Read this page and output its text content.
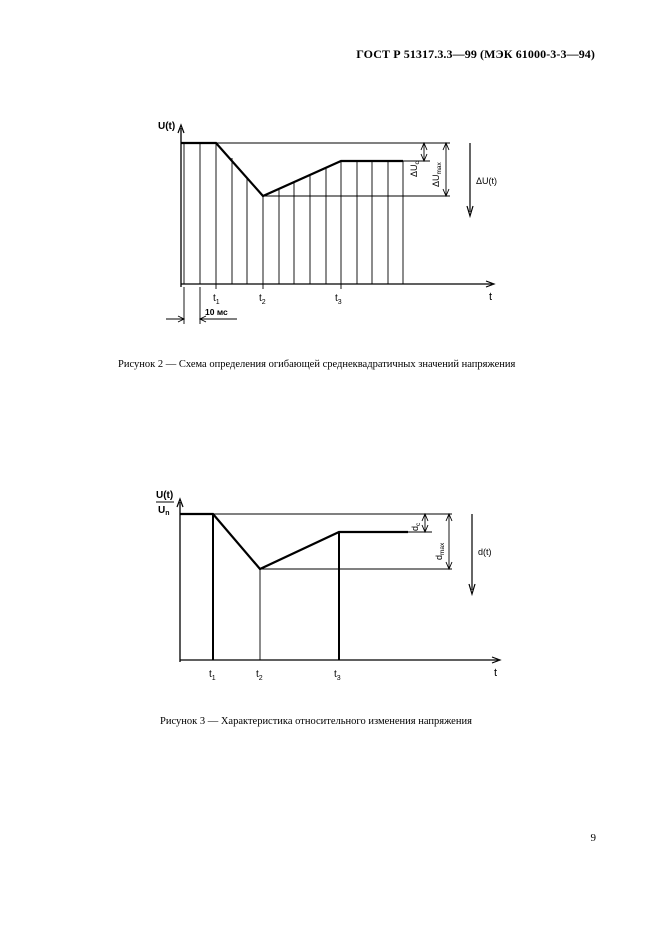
ГОСТ Р 51317.3.3—99 (МЭК 61000-3-3—94)
U(t)
t
$t_1$	$t_2$	$t_3$
10 мс
$\Delta U_c$
$\Delta U_{max}$
ΔU(t)
Рисунок 2 — Схема определения огибающей среднеквадратичных значений напряжения
U(t)
$U_n$
t
$t_1$	$t_2$	$t_3$
$d_c$
$d_{max}$	d(t)
Рисунок 3 — Характеристика относительного изменения напряжения
9
